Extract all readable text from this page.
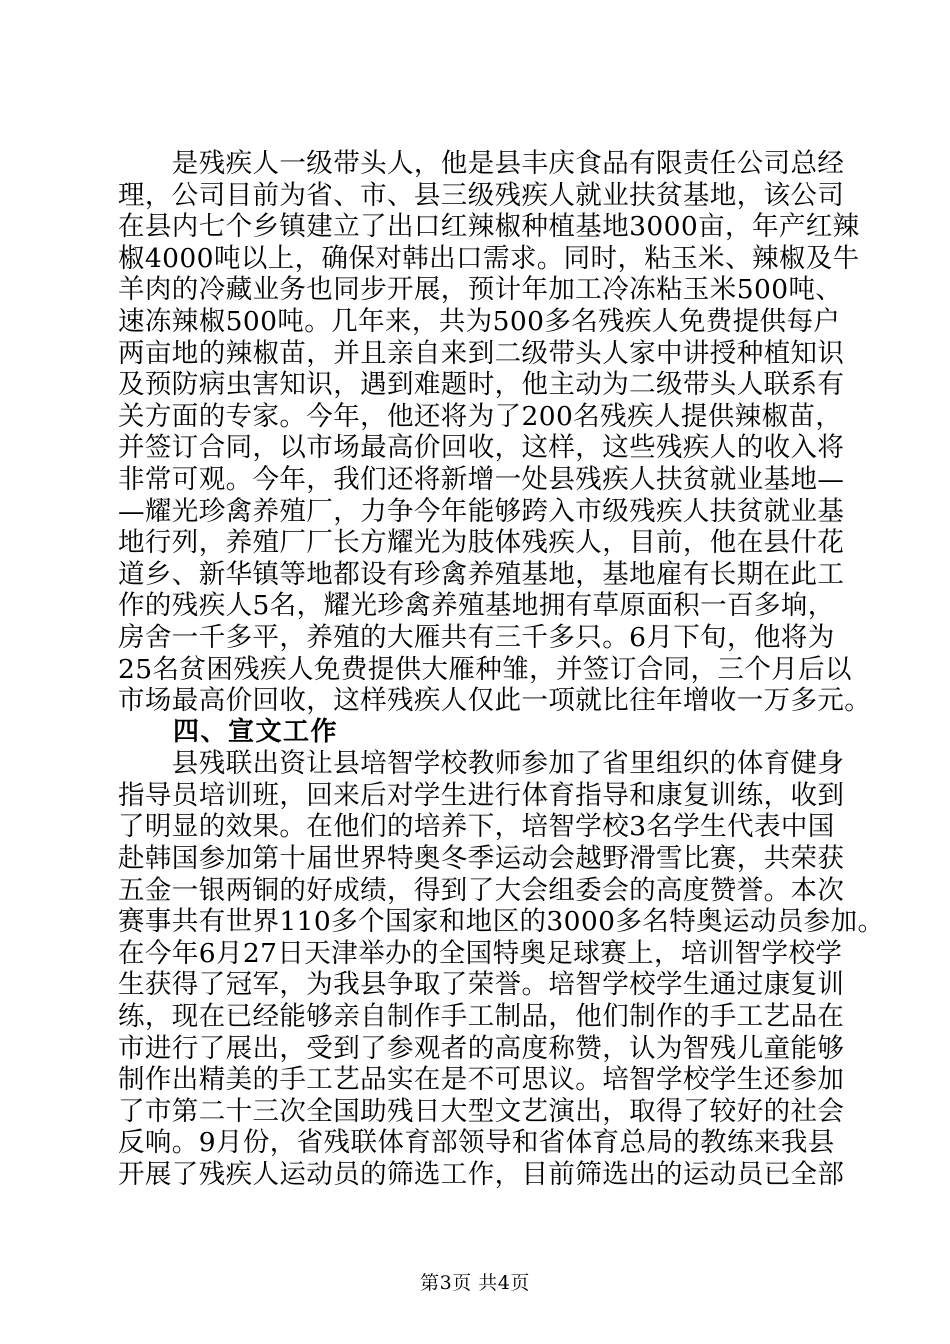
　　是残疾人一级带头人，他是县丰庆食品有限责任公司总经
理，公司目前为省、市、县三级残疾人就业扶贫基地，该公司
在县内七个乡镇建立了出口红辣椒种植基地3000亩，年产红辣
椒4000吨以上，确保对韩出口需求。同时，粘玉米、辣椒及牛
羊肉的冷藏业务也同步开展，预计年加工冷冻粘玉米500吨、
速冻辣椒500吨。几年来，共为500多名残疾人免费提供每户
两亩地的辣椒苗，并且亲自来到二级带头人家中讲授种植知识
及预防病虫害知识，遇到难题时，他主动为二级带头人联系有
关方面的专家。今年，他还将为了200名残疾人提供辣椒苗，
并签订合同，以市场最高价回收，这样，这些残疾人的收入将
非常可观。今年，我们还将新增一处县残疾人扶贫就业基地—
—耀光珍禽养殖厂，力争今年能够跨入市级残疾人扶贫就业基
地行列，养殖厂厂长方耀光为肢体残疾人，目前，他在县什花
道乡、新华镇等地都设有珍禽养殖基地，基地雇有长期在此工
作的残疾人5名，耀光珍禽养殖基地拥有草原面积一百多垧，
房舍一千多平，养殖的大雁共有三千多只。6月下旬，他将为
25名贫困残疾人免费提供大雁种雏，并签订合同，三个月后以
市场最高价回收，这样残疾人仅此一项就比往年增收一万多元。
　　四、宣文工作
　　县残联出资让县培智学校教师参加了省里组织的体育健身
指导员培训班，回来后对学生进行体育指导和康复训练，收到
了明显的效果。在他们的培养下，培智学校3名学生代表中国
赴韩国参加第十届世界特奥冬季运动会越野滑雪比赛，共荣获
五金一银两铜的好成绩，得到了大会组委会的高度赞誉。本次
赛事共有世界110多个国家和地区的3000多名特奥运动员参加。
在今年6月27日天津举办的全国特奥足球赛上，培训智学校学
生获得了冠军，为我县争取了荣誉。培智学校学生通过康复训
练，现在已经能够亲自制作手工制品，他们制作的手工艺品在
市进行了展出，受到了参观者的高度称赞，认为智残儿童能够
制作出精美的手工艺品实在是不可思议。培智学校学生还参加
了市第二十三次全国助残日大型文艺演出，取得了较好的社会
反响。9月份，省残联体育部领导和省体育总局的教练来我县
开展了残疾人运动员的筛选工作，目前筛选出的运动员已全部
第3页 共4页
